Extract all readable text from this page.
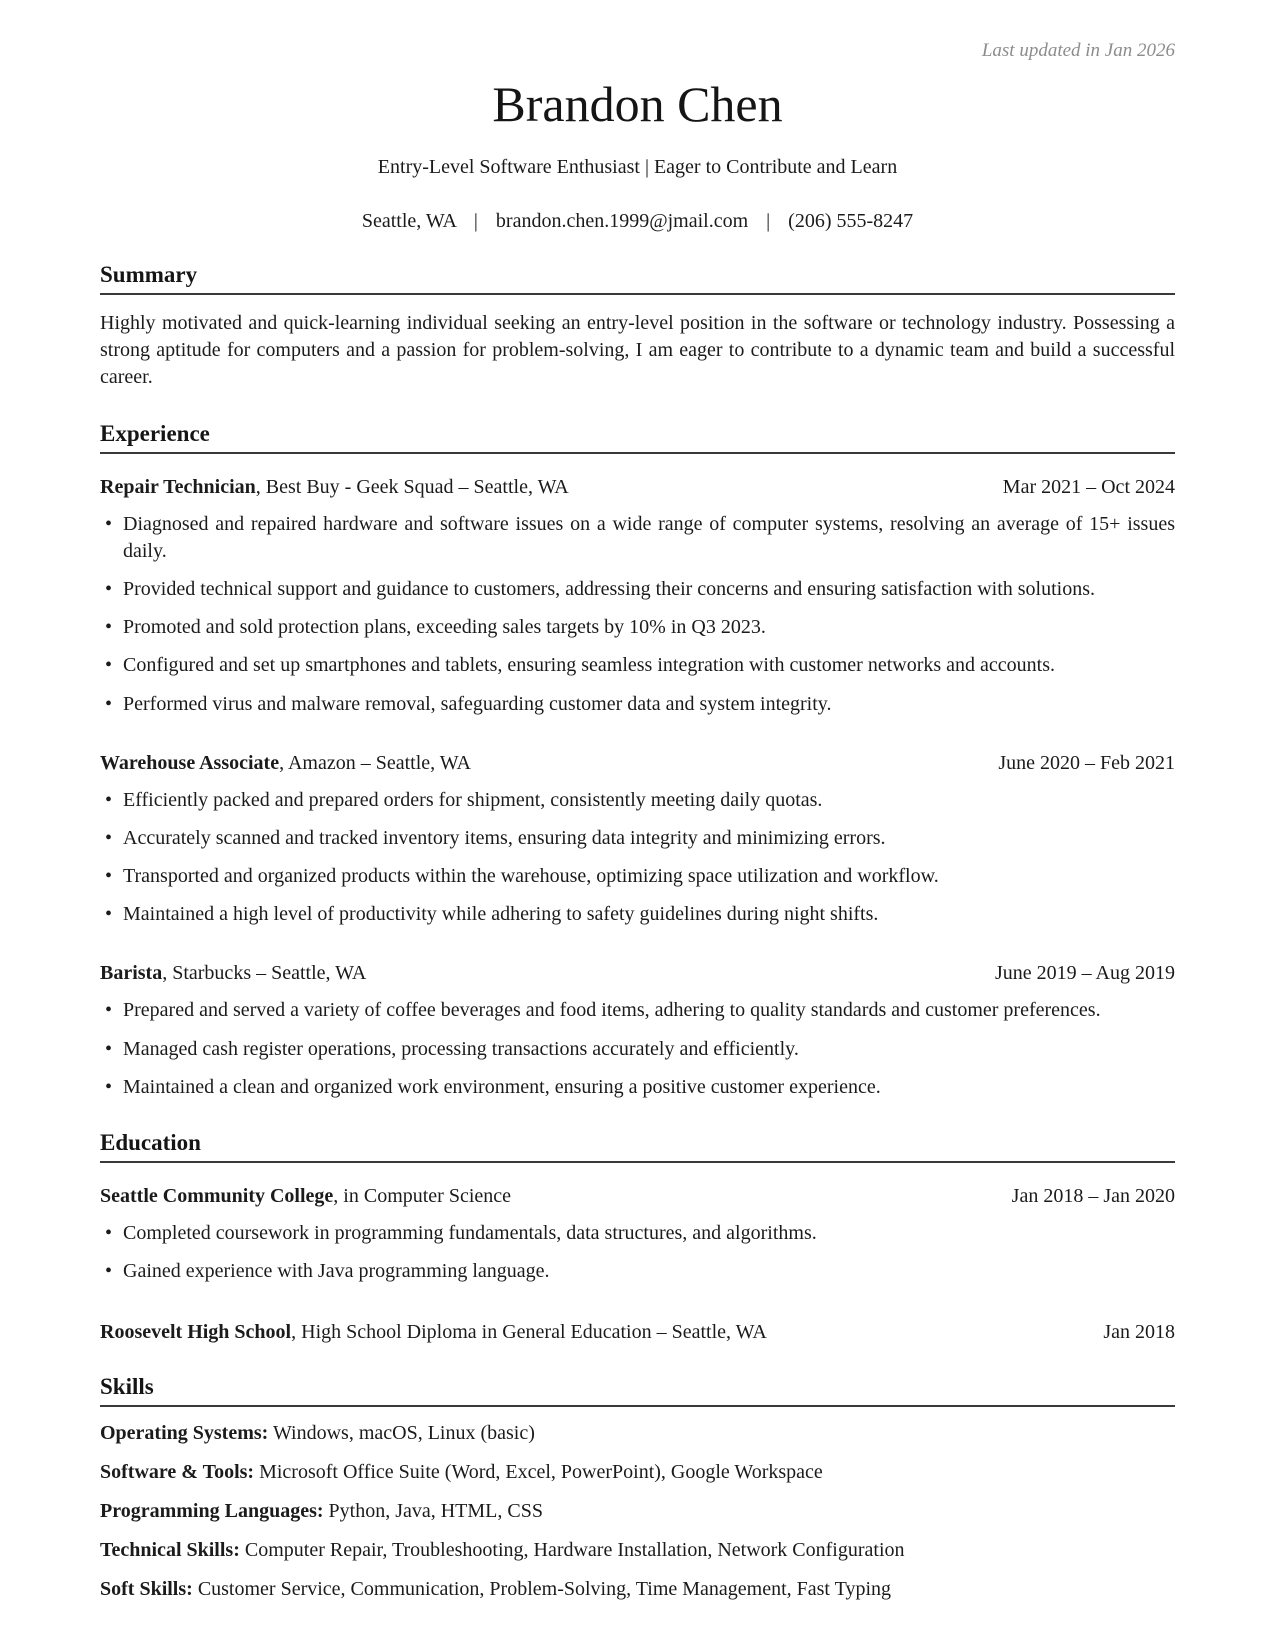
Last updated in Jan 2026
Brandon Chen
Entry-Level Software Enthusiast | Eager to Contribute and Learn
Seattle, WA | brandon.chen.1999@jmail.com | (206) 555-8247
Summary
Highly motivated and quick-learning individual seeking an entry-level position in the software or technology industry. Possessing a strong aptitude for computers and a passion for problem-solving, I am eager to contribute to a dynamic team and build a successful career.
Experience
Repair Technician, Best Buy - Geek Squad – Seattle, WA	Mar 2021 – Oct 2024
• Diagnosed and repaired hardware and software issues on a wide range of computer systems, resolving an average of 15+ issues daily.
• Provided technical support and guidance to customers, addressing their concerns and ensuring satisfaction with solutions.
• Promoted and sold protection plans, exceeding sales targets by 10% in Q3 2023.
• Configured and set up smartphones and tablets, ensuring seamless integration with customer networks and accounts.
• Performed virus and malware removal, safeguarding customer data and system integrity.
Warehouse Associate, Amazon – Seattle, WA	June 2020 – Feb 2021
• Efficiently packed and prepared orders for shipment, consistently meeting daily quotas.
• Accurately scanned and tracked inventory items, ensuring data integrity and minimizing errors.
• Transported and organized products within the warehouse, optimizing space utilization and workflow.
• Maintained a high level of productivity while adhering to safety guidelines during night shifts.
Barista, Starbucks – Seattle, WA	June 2019 – Aug 2019
• Prepared and served a variety of coffee beverages and food items, adhering to quality standards and customer preferences.
• Managed cash register operations, processing transactions accurately and efficiently.
• Maintained a clean and organized work environment, ensuring a positive customer experience.
Education
Seattle Community College, in Computer Science	Jan 2018 – Jan 2020
• Completed coursework in programming fundamentals, data structures, and algorithms.
• Gained experience with Java programming language.
Roosevelt High School, High School Diploma in General Education – Seattle, WA	Jan 2018
Skills
Operating Systems: Windows, macOS, Linux (basic)
Software & Tools: Microsoft Office Suite (Word, Excel, PowerPoint), Google Workspace
Programming Languages: Python, Java, HTML, CSS
Technical Skills: Computer Repair, Troubleshooting, Hardware Installation, Network Configuration
Soft Skills: Customer Service, Communication, Problem-Solving, Time Management, Fast Typing
